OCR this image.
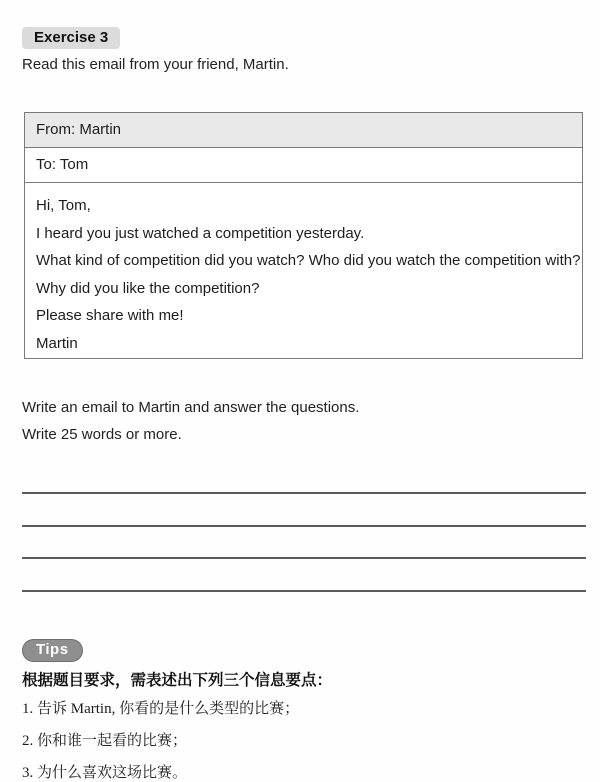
Exercise 3

Read this email from your friend, Martin.

From: Martin
To: Tom

Hi, Tom,

I heard you just watched a competition yesterday.

What kind of competition did you watch? Who did you watch the competition with?

Why did you like the competition?

Please share with me!

Martin

Write an email to Martin and answer the questions.

Write 25 words or more.

Tips

根据题目要求，需表述出下列三个信息要点：

1. 告诉 Martin, 你看的是什么类型的比赛；

2. 你和谁一起看的比赛；

3. 为什么喜欢这场比赛。
